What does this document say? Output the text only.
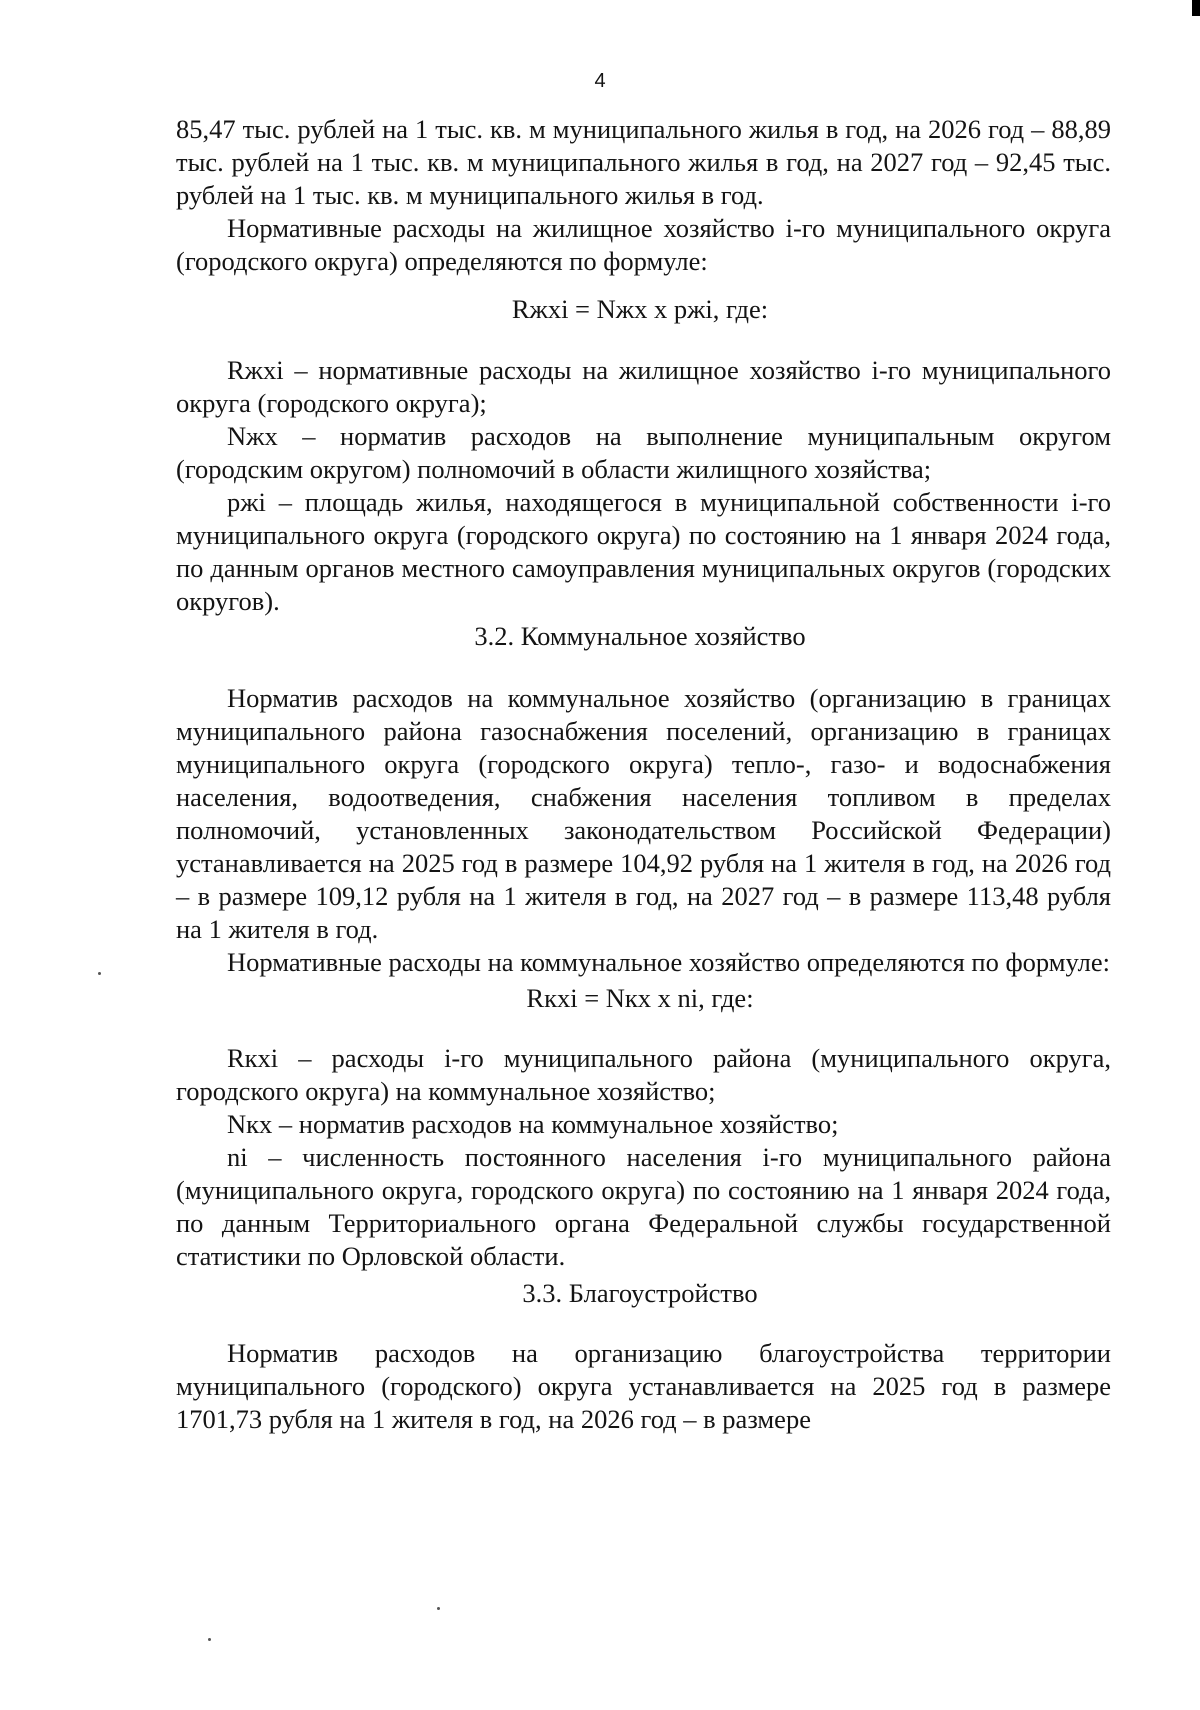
4

85,47 тыс. рублей на 1 тыс. кв. м муниципального жилья в год, на 2026 год – 88,89 тыс. рублей на 1 тыс. кв. м муниципального жилья в год, на 2027 год – 92,45 тыс. рублей на 1 тыс. кв. м муниципального жилья в год.

Нормативные расходы на жилищное хозяйство i-го муниципального округа (городского округа) определяются по формуле:

Rжхi = Nжх х pжi, где:

Rжхi – нормативные расходы на жилищное хозяйство i-го муниципального округа (городского округа);

Nжх – норматив расходов на выполнение муниципальным округом (городским округом) полномочий в области жилищного хозяйства;

pжi – площадь жилья, находящегося в муниципальной собственности i-го муниципального округа (городского округа) по состоянию на 1 января 2024 года, по данным органов местного самоуправления муниципальных округов (городских округов).

3.2. Коммунальное хозяйство

Норматив расходов на коммунальное хозяйство (организацию в границах муниципального района газоснабжения поселений, организацию в границах муниципального округа (городского округа) тепло-, газо- и водоснабжения населения, водоотведения, снабжения населения топливом в пределах полномочий, установленных законодательством Российской Федерации) устанавливается на 2025 год в размере 104,92 рубля на 1 жителя в год, на 2026 год – в размере 109,12 рубля на 1 жителя в год, на 2027 год – в размере 113,48 рубля на 1 жителя в год.

Нормативные расходы на коммунальное хозяйство определяются по формуле:

Rкхi = Nкх х ni, где:

Rкхi – расходы i-го муниципального района (муниципального округа, городского округа) на коммунальное хозяйство;

Nкх – норматив расходов на коммунальное хозяйство;

ni – численность постоянного населения i-го муниципального района (муниципального округа, городского округа) по состоянию на 1 января 2024 года, по данным Территориального органа Федеральной службы государственной статистики по Орловской области.

3.3. Благоустройство

Норматив расходов на организацию благоустройства территории муниципального (городского) округа устанавливается на 2025 год в размере 1701,73 рубля на 1 жителя в год, на 2026 год – в размере
